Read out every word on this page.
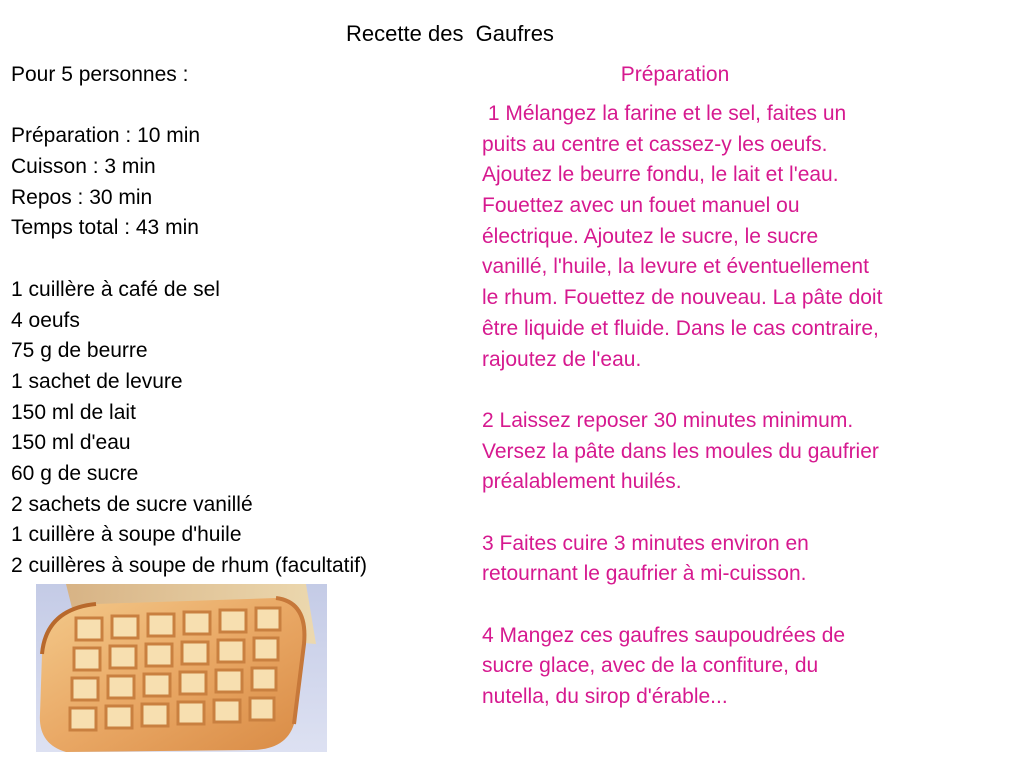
Recette des  Gaufres
Pour 5 personnes :
Préparation : 10 min
Cuisson : 3 min
Repos : 30 min
Temps total : 43 min
1 cuillère à café de sel
4 oeufs
75 g de beurre
1 sachet de levure
150 ml de lait
150 ml d'eau
60 g de sucre
2 sachets de sucre vanillé
1 cuillère à soupe d'huile
2 cuillères à soupe de rhum (facultatif)
Préparation
1 Mélangez la farine et le sel, faites un
puits au centre et cassez-y les oeufs.
Ajoutez le beurre fondu, le lait et l'eau.
Fouettez avec un fouet manuel ou
électrique. Ajoutez le sucre, le sucre
vanillé, l'huile, la levure et éventuellement
le rhum. Fouettez de nouveau. La pâte doit
être liquide et fluide. Dans le cas contraire,
rajoutez de l'eau.
2 Laissez reposer 30 minutes minimum.
Versez la pâte dans les moules du gaufrier
préalablement huilés.
3 Faites cuire 3 minutes environ en
retournant le gaufrier à mi-cuisson.
4 Mangez ces gaufres saupoudrées de
sucre glace, avec de la confiture, du
nutella, du sirop d'érable...
